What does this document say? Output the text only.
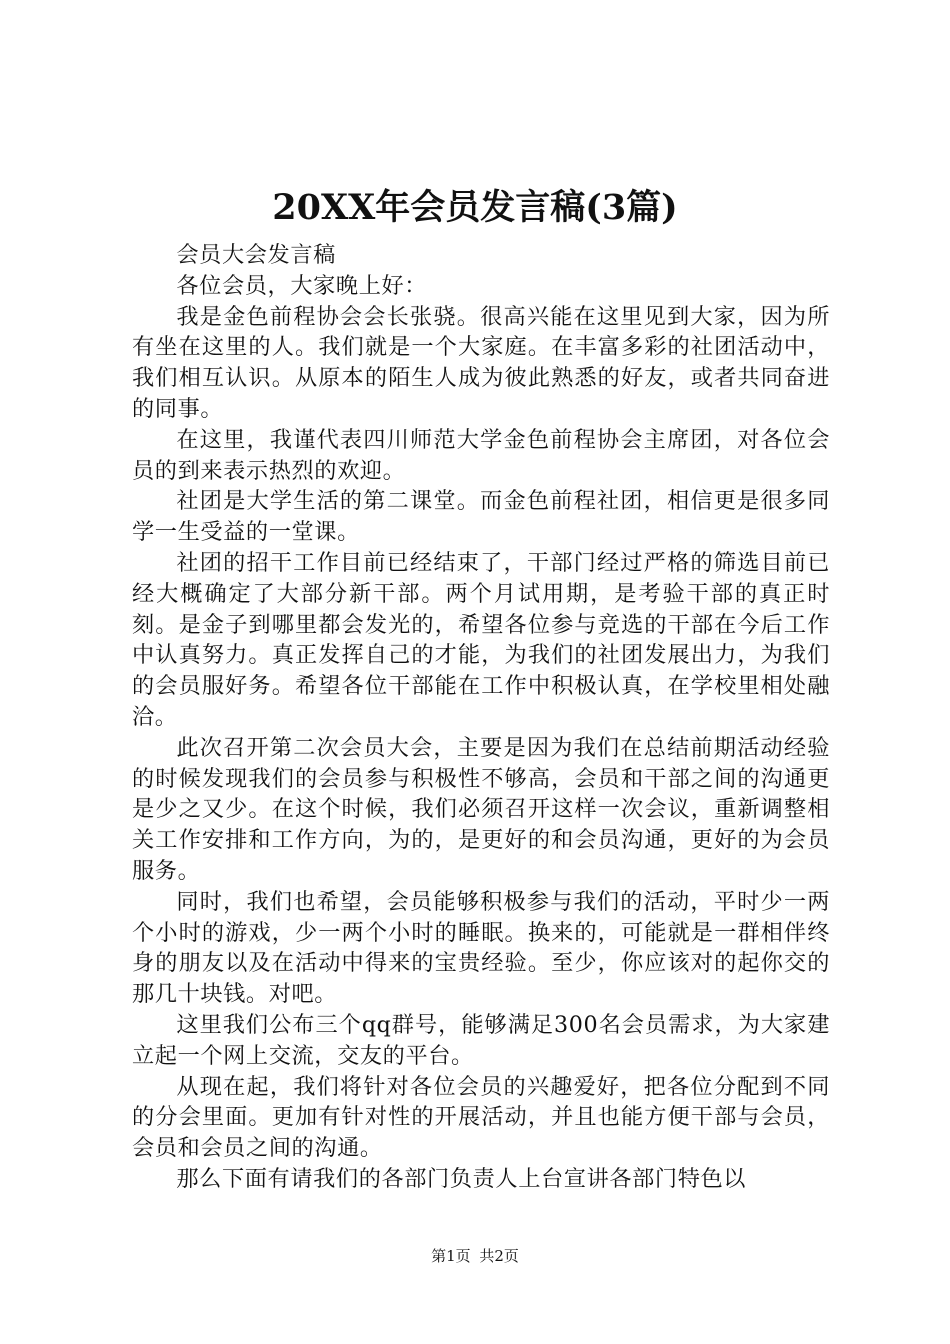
20XX年会员发言稿(3篇)

会员大会发言稿

各位会员，大家晚上好：

我是金色前程协会会长张骁。很高兴能在这里见到大家，因为所有坐在这里的人。我们就是一个大家庭。在丰富多彩的社团活动中，我们相互认识。从原本的陌生人成为彼此熟悉的好友，或者共同奋进的同事。

在这里，我谨代表四川师范大学金色前程协会主席团，对各位会员的到来表示热烈的欢迎。

社团是大学生活的第二课堂。而金色前程社团，相信更是很多同学一生受益的一堂课。

社团的招干工作目前已经结束了，干部门经过严格的筛选目前已经大概确定了大部分新干部。两个月试用期，是考验干部的真正时刻。是金子到哪里都会发光的，希望各位参与竞选的干部在今后工作中认真努力。真正发挥自己的才能，为我们的社团发展出力，为我们的会员服好务。希望各位干部能在工作中积极认真，在学校里相处融洽。

此次召开第二次会员大会，主要是因为我们在总结前期活动经验的时候发现我们的会员参与积极性不够高，会员和干部之间的沟通更是少之又少。在这个时候，我们必须召开这样一次会议，重新调整相关工作安排和工作方向，为的，是更好的和会员沟通，更好的为会员服务。

同时，我们也希望，会员能够积极参与我们的活动，平时少一两个小时的游戏，少一两个小时的睡眠。换来的，可能就是一群相伴终身的朋友以及在活动中得来的宝贵经验。至少，你应该对的起你交的那几十块钱。对吧。

这里我们公布三个qq群号，能够满足300名会员需求，为大家建立起一个网上交流，交友的平台。

从现在起，我们将针对各位会员的兴趣爱好，把各位分配到不同的分会里面。更加有针对性的开展活动，并且也能方便干部与会员，会员和会员之间的沟通。

那么下面有请我们的各部门负责人上台宣讲各部门特色以

第1页 共2页
